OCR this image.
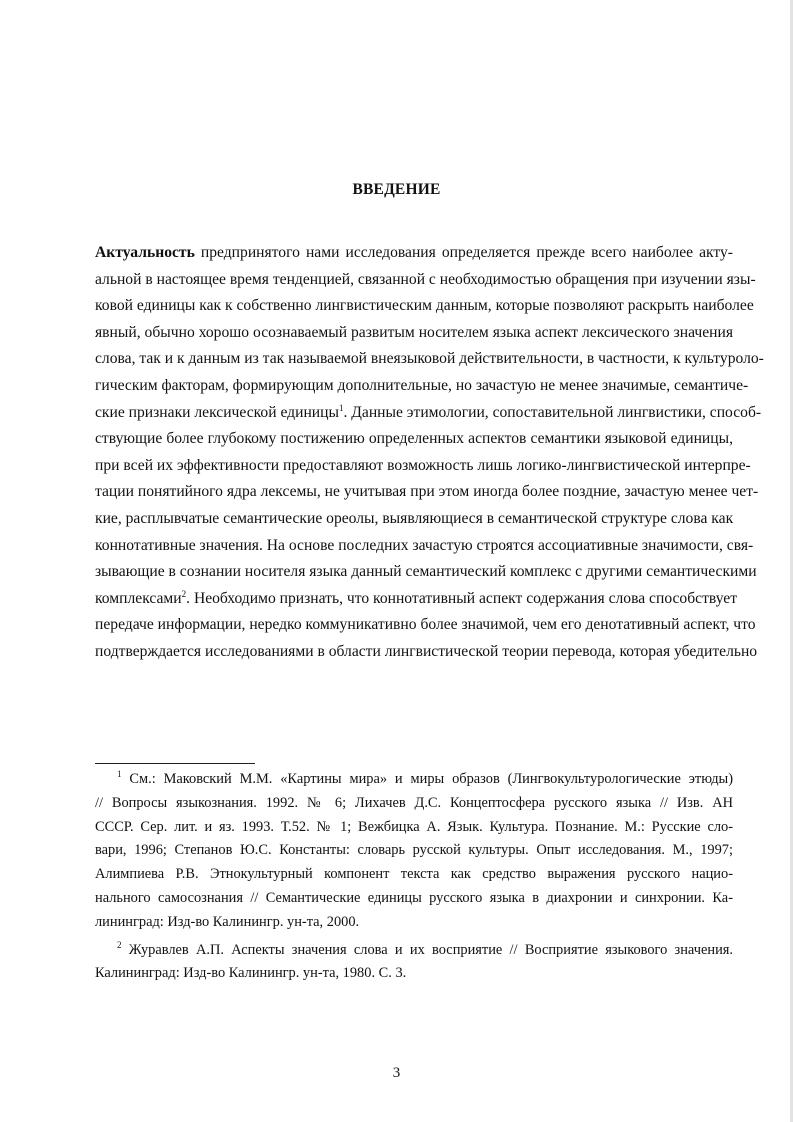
ВВЕДЕНИЕ
Актуальность предпринятого нами исследования определяется прежде всего наиболее акту-
альной в настоящее время тенденцией, связанной с необходимостью обращения при изучении язы-
ковой единицы как к собственно лингвистическим данным, которые позволяют раскрыть наиболее
явный, обычно хорошо осознаваемый развитым носителем языка аспект лексического значения
слова, так и к данным из так называемой внеязыковой действительности, в частности, к культуроло-
гическим факторам, формирующим дополнительные, но зачастую не менее значимые, семантиче-
ские признаки лексической единицы$^1$. Данные этимологии, сопоставительной лингвистики, способ-
ствующие более глубокому постижению определенных аспектов семантики языковой единицы,
при всей их эффективности предоставляют возможность лишь логико-лингвистической интерпре-
тации понятийного ядра лексемы, не учитывая при этом иногда более поздние, зачастую менее чет-
кие, расплывчатые семантические ореолы, выявляющиеся в семантической структуре слова как
коннотативные значения. На основе последних зачастую строятся ассоциативные значимости, свя-
зывающие в сознании носителя языка данный семантический комплекс с другими семантическими
комплексами$^2$. Необходимо признать, что коннотативный аспект содержания слова способствует
передаче информации, нередко коммуникативно более значимой, чем его денотативный аспект, что
подтверждается исследованиями в области лингвистической теории перевода, которая убедительно
$^1$ См.: Маковский М.М. «Картины мира» и миры образов (Лингвокультурологические этюды)
// Вопросы языкознания. 1992. № 6; Лихачев Д.С. Концептосфера русского языка // Изв. АН
СССР. Сер. лит. и яз. 1993. Т.52. № 1; Вежбицка А. Язык. Культура. Познание. М.: Русские сло-
вари, 1996; Степанов Ю.С. Константы: словарь русской культуры. Опыт исследования. М., 1997;
Алимпиева Р.В. Этнокультурный компонент текста как средство выражения русского нацио-
нального самосознания // Семантические единицы русского языка в диахронии и синхронии. Ка-
лининград: Изд-во Калинингр. ун-та, 2000.
$^2$ Журавлев А.П. Аспекты значения слова и их восприятие // Восприятие языкового значения.
Калининград: Изд-во Калинингр. ун-та, 1980. С. 3.
3
